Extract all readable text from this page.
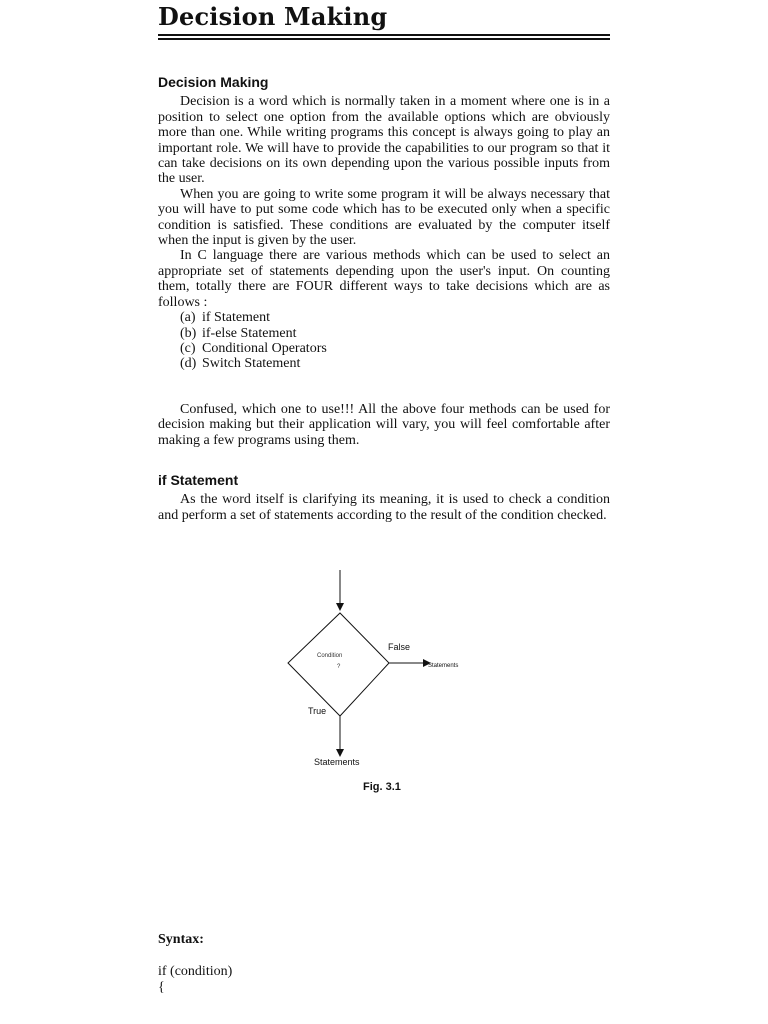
Decision Making
Decision Making

Decision is a word which is normally taken in a moment where one is in a position to select one option from the available options which are obviously more than one. While writing programs this concept is always going to play an important role. We will have to provide the capabilities to our program so that it can take decisions on its own depending upon the various possible inputs from the user.

When you are going to write some program it will be always necessary that you will have to put some code which has to be executed only when a specific condition is satisfied. These conditions are evaluated by the computer itself when the input is given by the user.

In C language there are various methods which can be used to select an appropriate set of statements depending upon the user's input. On counting them, totally there are FOUR different ways to take decisions which are as follows :

(a) if Statement
(b) if-else Statement
(c) Conditional Operators
(d) Switch Statement

Confused, which one to use!!! All the above four methods can be used for decision making but their application will vary, you will feel comfortable after making a few programs using them.

if Statement

As the word itself is clarifying its meaning, it is used to check a condition and perform a set of statements according to the result of the condition checked.

Condition
?
False
Statements
True
Statements
Fig. 3.1

Syntax:

if (condition)

{
